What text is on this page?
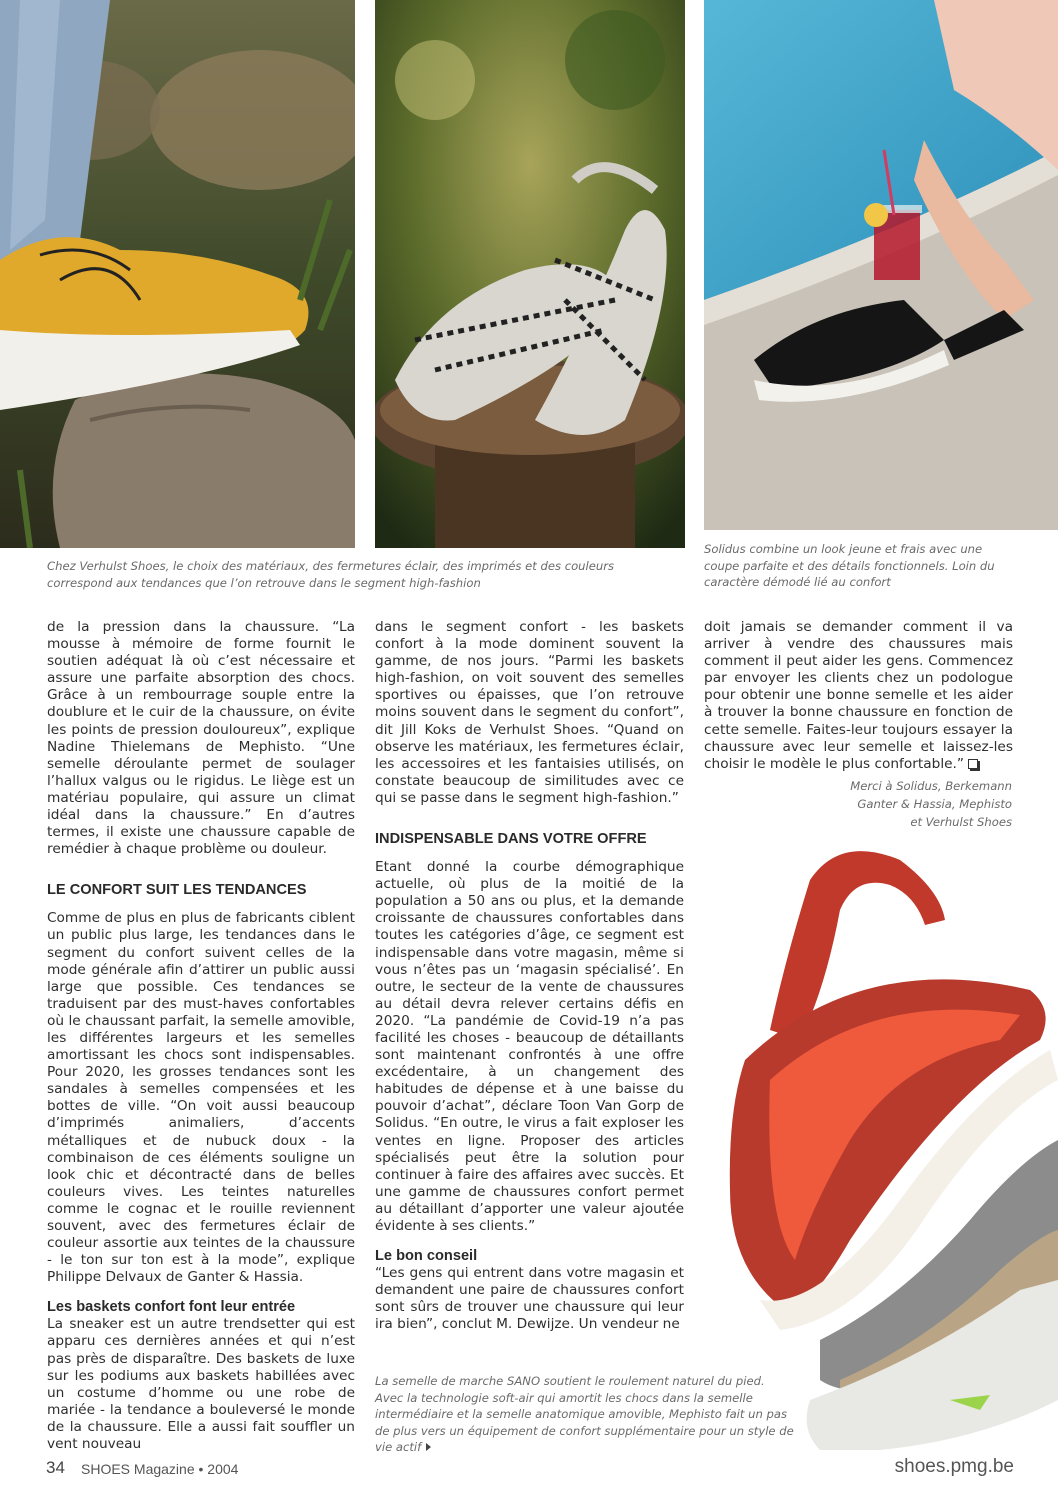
Chez Verhulst Shoes, le choix des matériaux, des fermetures éclair, des imprimés et des couleurs correspond aux tendances que l’on retrouve dans le segment high-fashion

Solidus combine un look jeune et frais avec une coupe parfaite et des détails fonctionnels. Loin du caractère démodé lié au confort

de la pression dans la chaussure. “La mousse à mémoire de forme fournit le soutien adéquat là où c’est nécessaire et assure une parfaite absorption des chocs. Grâce à un rembourrage souple entre la doublure et le cuir de la chaussure, on évite les points de pression douloureux”, explique Nadine Thielemans de Mephisto. “Une semelle déroulante permet de soulager l’hallux valgus ou le rigidus. Le liège est un matériau populaire, qui assure un climat idéal dans la chaussure.” En d’autres termes, il existe une chaussure capable de remédier à chaque problème ou douleur.

LE CONFORT SUIT LES TENDANCES

Comme de plus en plus de fabricants ciblent un public plus large, les tendances dans le segment du confort suivent celles de la mode générale afin d’attirer un public aussi large que possible. Ces tendances se traduisent par des must-haves confortables où le chaussant parfait, la semelle amovible, les différentes largeurs et les semelles amortissant les chocs sont indispensables. Pour 2020, les grosses tendances sont les sandales à semelles compensées et les bottes de ville. “On voit aussi beaucoup d’imprimés animaliers, d’accents métalliques et de nubuck doux - la combinaison de ces éléments souligne un look chic et décontracté dans de belles couleurs vives. Les teintes naturelles comme le cognac et le rouille reviennent souvent, avec des fermetures éclair de couleur assortie aux teintes de la chaussure - le ton sur ton est à la mode”, explique Philippe Delvaux de Ganter & Hassia.

Les baskets confort font leur entrée

La sneaker est un autre trendsetter qui est apparu ces dernières années et qui n’est pas près de disparaître. Des baskets de luxe sur les podiums aux baskets habillées avec un costume d’homme ou une robe de mariée - la tendance a bouleversé le monde de la chaussure. Elle a aussi fait souffler un vent nouveau

dans le segment confort - les baskets confort à la mode dominent souvent la gamme, de nos jours. “Parmi les baskets high-fashion, on voit souvent des semelles sportives ou épaisses, que l’on retrouve moins souvent dans le segment du confort”, dit Jill Koks de Verhulst Shoes. “Quand on observe les matériaux, les fermetures éclair, les accessoires et les fantaisies utilisés, on constate beaucoup de similitudes avec ce qui se passe dans le segment high-fashion.”

INDISPENSABLE DANS VOTRE OFFRE

Etant donné la courbe démographique actuelle, où plus de la moitié de la population a 50 ans ou plus, et la demande croissante de chaussures confortables dans toutes les catégories d’âge, ce segment est indispensable dans votre magasin, même si vous n’êtes pas un ‘magasin spécialisé’. En outre, le secteur de la vente de chaussures au détail devra relever certains défis en 2020. “La pandémie de Covid-19 n’a pas facilité les choses - beaucoup de détaillants sont maintenant confrontés à une offre excédentaire, à un changement des habitudes de dépense et à une baisse du pouvoir d’achat”, déclare Toon Van Gorp de Solidus. “En outre, le virus a fait exploser les ventes en ligne. Proposer des articles spécialisés peut être la solution pour continuer à faire des affaires avec succès. Et une gamme de chaussures confort permet au détaillant d’apporter une valeur ajoutée évidente à ses clients.”

Le bon conseil

“Les gens qui entrent dans votre magasin et demandent une paire de chaussures confort sont sûrs de trouver une chaussure qui leur ira bien”, conclut M. Dewijze. Un vendeur ne

doit jamais se demander comment il va arriver à vendre des chaussures mais comment il peut aider les gens. Commencez par envoyer les clients chez un podologue pour obtenir une bonne semelle et les aider à trouver la bonne chaussure en fonction de cette semelle. Faites-leur toujours essayer la chaussure avec leur semelle et laissez-les choisir le modèle le plus confortable.”

Merci à Solidus, Berkemann
Ganter & Hassia, Mephisto
et Verhulst Shoes

La semelle de marche SANO soutient le roulement naturel du pied. Avec la technologie soft-air qui amortit les chocs dans la semelle intermédiaire et la semelle anatomique amovible, Mephisto fait un pas de plus vers un équipement de confort supplémentaire pour un style de vie actif

34 SHOES Magazine • 2004	shoes.pmg.be
